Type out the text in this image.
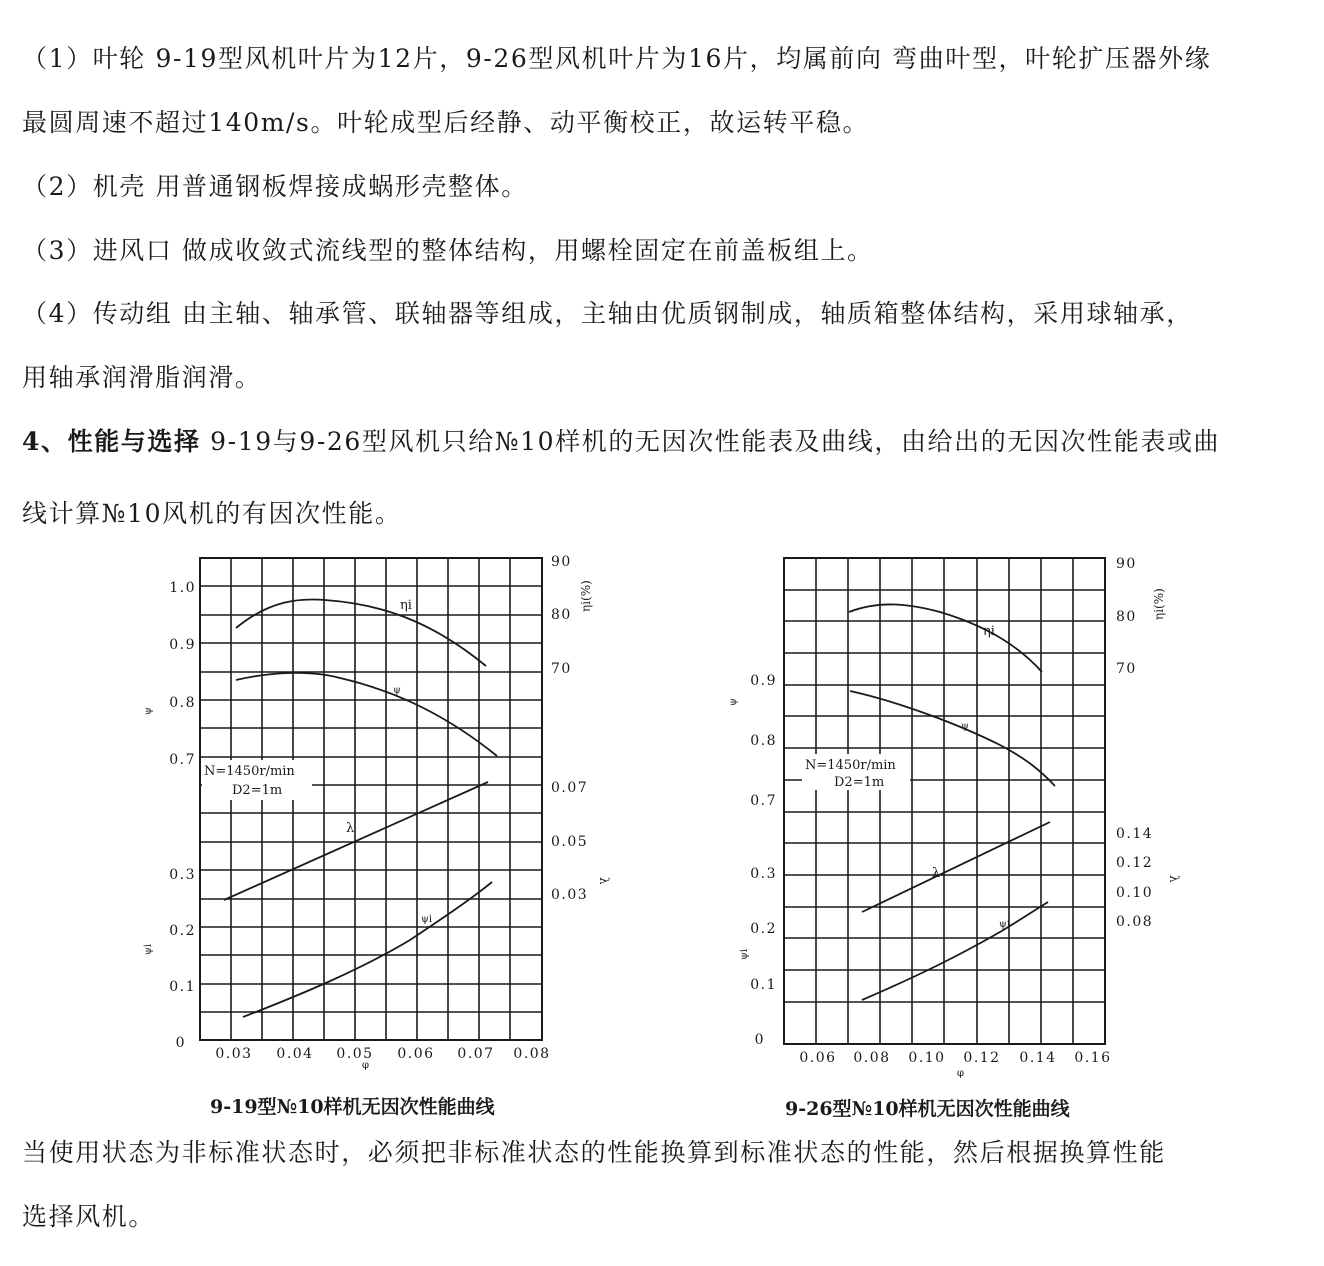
（1）叶轮 9-19型风机叶片为12片，9-26型风机叶片为16片，均属前向 弯曲叶型，叶轮扩压器外缘
最圆周速不超过140m/s。叶轮成型后经静、动平衡校正，故运转平稳。
（2）机壳 用普通钢板焊接成蜗形壳整体。
（3）进风口 做成收敛式流线型的整体结构，用螺栓固定在前盖板组上。
（4）传动组 由主轴、轴承管、联轴器等组成，主轴由优质钢制成，轴质箱整体结构，采用球轴承，
用轴承润滑脂润滑。
4、性能与选择 9-19与9-26型风机只给№10样机的无因次性能表及曲线，由给出的无因次性能表或曲
线计算№10风机的有因次性能。
1.0
0.9
0.8
0.7
0.3
0.2
0.1
0
90
80
70
0.07
0.05
0.03
0.03 0.04 0.05 0.06 0.07 0.08
N=1450r/min
D2=1m
ηi
ψ
λ
ψi
φ
ψ
ψi
ηi(%)
λ
0.9
0.8
0.7
0.3
0.2
0.1
0
90
80
70
0.14
0.12
0.10
0.08
0.06 0.08 0.10 0.12 0.14 0.16
N=1450r/min
D2=1m
ηi
ψ
λ
ψi
φ
ψ
ψi
ηi(%)
λ
9-19型№10样机无因次性能曲线	9-26型№10样机无因次性能曲线
当使用状态为非标准状态时，必须把非标准状态的性能换算到标准状态的性能，然后根据换算性能
选择风机。
